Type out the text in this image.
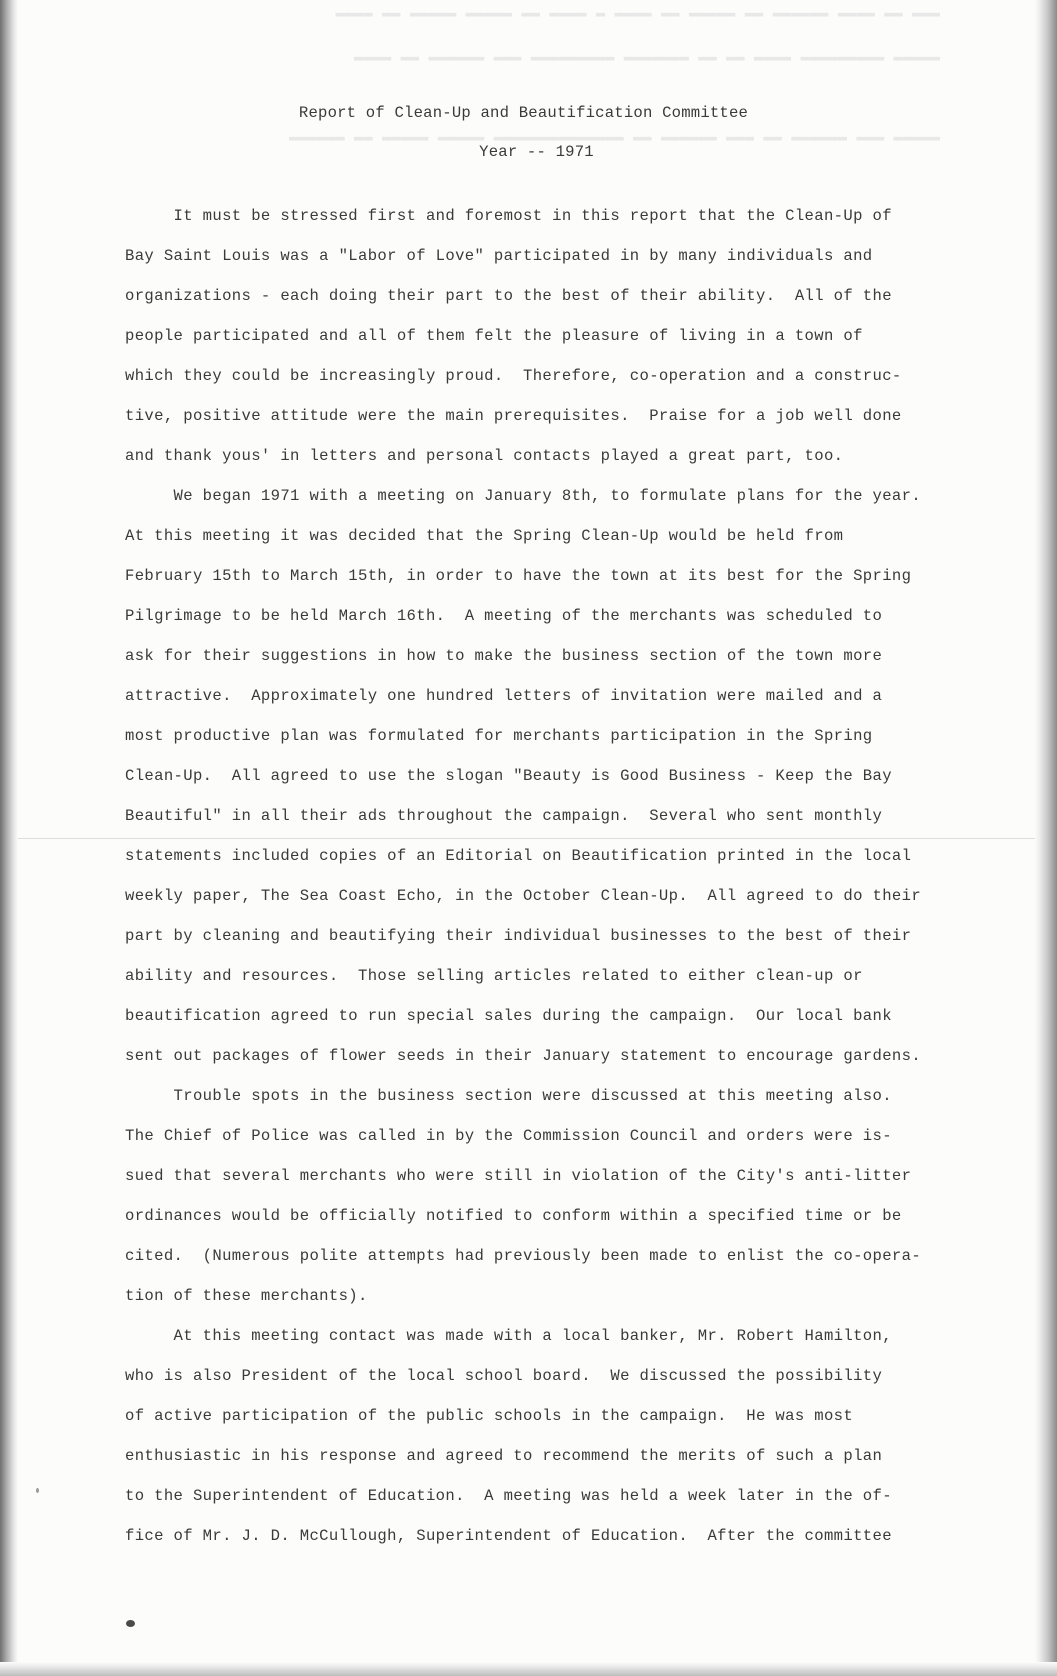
▬▬▬ ▬▬ ▬▬▬▬ ▬▬▬▬▬▬ ▬▬ ▬▬▬▬▬ ▬▬ ▬▬▬▬ ▬ ▬▬▬▬ ▬▬ ▬▬▬▬▬ ▬▬▬▬▬ ▬▬ ▬▬▬▬
▬▬▬▬▬ ▬▬▬▬▬▬▬▬▬ ▬▬▬▬ ▬▬ ▬▬ ▬▬▬▬▬▬▬ ▬▬▬▬▬▬▬▬▬ ▬▬▬ ▬▬▬▬▬▬ ▬▬ ▬▬▬▬
▬▬▬▬▬ ▬▬▬ ▬▬▬▬▬▬ ▬▬ ▬▬▬ ▬▬▬▬▬▬ ▬▬ ▬▬▬▬▬▬▬▬▬▬▬▬▬▬ ▬▬▬▬▬ ▬▬▬▬▬ ▬▬ ▬▬▬▬▬▬
Report of Clean-Up and Beautification Committee
Year -- 1971
It must be stressed first and foremost in this report that the Clean-Up of
Bay Saint Louis was a "Labor of Love" participated in by many individuals and
organizations - each doing their part to the best of their ability.  All of the
people participated and all of them felt the pleasure of living in a town of
which they could be increasingly proud.  Therefore, co-operation and a construc-
tive, positive attitude were the main prerequisites.  Praise for a job well done
and thank yous' in letters and personal contacts played a great part, too.
We began 1971 with a meeting on January 8th, to formulate plans for the year.
At this meeting it was decided that the Spring Clean-Up would be held from
February 15th to March 15th, in order to have the town at its best for the Spring
Pilgrimage to be held March 16th.  A meeting of the merchants was scheduled to
ask for their suggestions in how to make the business section of the town more
attractive.  Approximately one hundred letters of invitation were mailed and a
most productive plan was formulated for merchants participation in the Spring
Clean-Up.  All agreed to use the slogan "Beauty is Good Business - Keep the Bay
Beautiful" in all their ads throughout the campaign.  Several who sent monthly
statements included copies of an Editorial on Beautification printed in the local
weekly paper, The Sea Coast Echo, in the October Clean-Up.  All agreed to do their
part by cleaning and beautifying their individual businesses to the best of their
ability and resources.  Those selling articles related to either clean-up or
beautification agreed to run special sales during the campaign.  Our local bank
sent out packages of flower seeds in their January statement to encourage gardens.
Trouble spots in the business section were discussed at this meeting also.
The Chief of Police was called in by the Commission Council and orders were is-
sued that several merchants who were still in violation of the City's anti-litter
ordinances would be officially notified to conform within a specified time or be
cited.  (Numerous polite attempts had previously been made to enlist the co-opera-
tion of these merchants).
At this meeting contact was made with a local banker, Mr. Robert Hamilton,
who is also President of the local school board.  We discussed the possibility
of active participation of the public schools in the campaign.  He was most
enthusiastic in his response and agreed to recommend the merits of such a plan
to the Superintendent of Education.  A meeting was held a week later in the of-
fice of Mr. J. D. McCullough, Superintendent of Education.  After the committee
